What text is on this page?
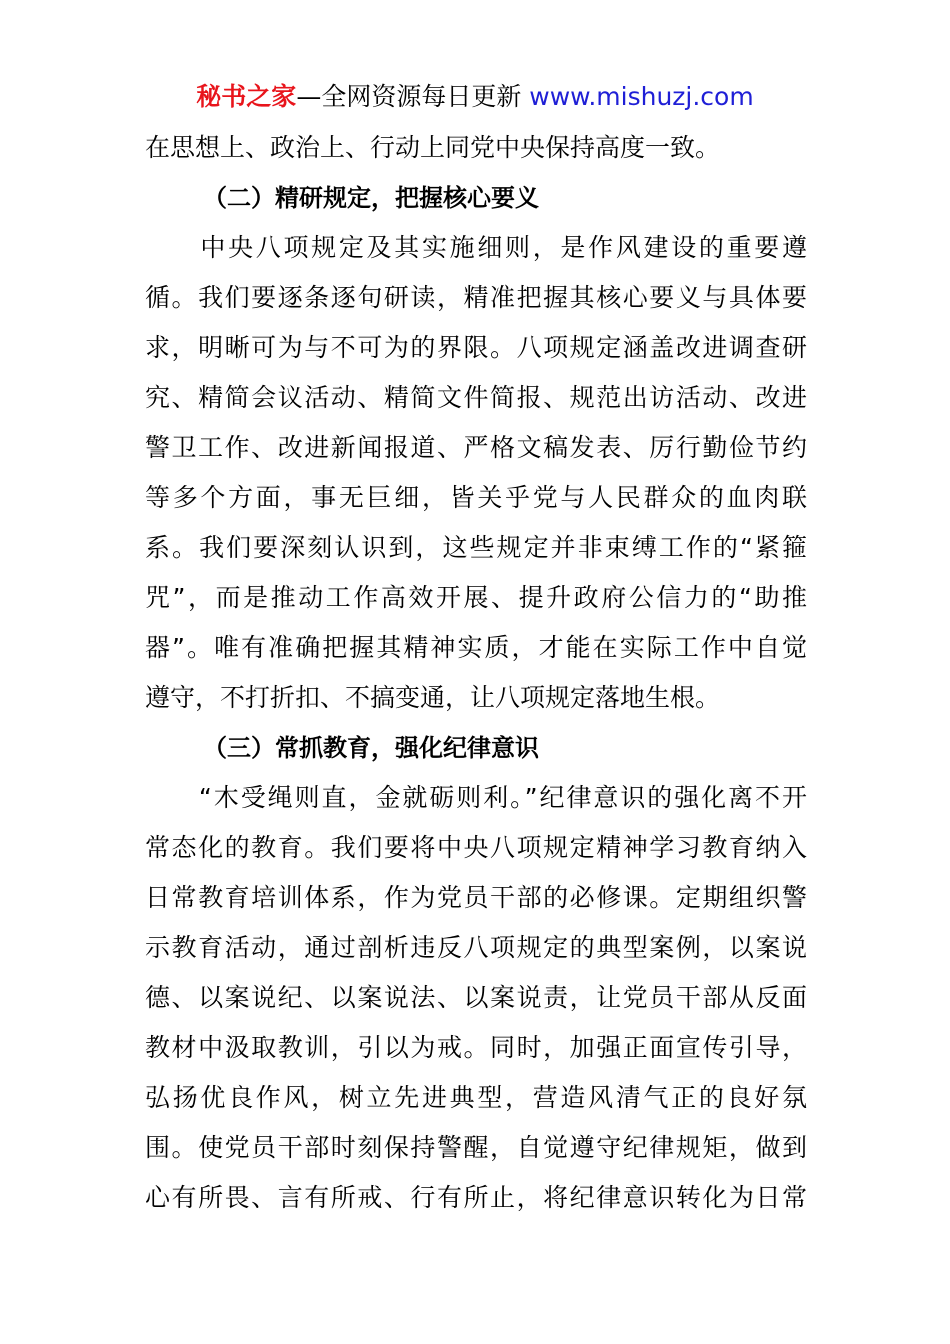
秘书之家—全网资源每日更新 www.mishuzj.com
在思想上、政治上、行动上同党中央保持高度一致。
（二）精研规定，把握核心要义
　　中央八项规定及其实施细则，是作风建设的重要遵
循。我们要逐条逐句研读，精准把握其核心要义与具体要
求，明晰可为与不可为的界限。八项规定涵盖改进调查研
究、精简会议活动、精简文件简报、规范出访活动、改进
警卫工作、改进新闻报道、严格文稿发表、厉行勤俭节约
等多个方面，事无巨细，皆关乎党与人民群众的血肉联
系。我们要深刻认识到，这些规定并非束缚工作的“紧箍
咒”，而是推动工作高效开展、提升政府公信力的“助推
器”。唯有准确把握其精神实质，才能在实际工作中自觉
遵守，不打折扣、不搞变通，让八项规定落地生根。
（三）常抓教育，强化纪律意识
　　“木受绳则直，金就砺则利。”纪律意识的强化离不开
常态化的教育。我们要将中央八项规定精神学习教育纳入
日常教育培训体系，作为党员干部的必修课。定期组织警
示教育活动，通过剖析违反八项规定的典型案例，以案说
德、以案说纪、以案说法、以案说责，让党员干部从反面
教材中汲取教训，引以为戒。同时，加强正面宣传引导，
弘扬优良作风，树立先进典型，营造风清气正的良好氛
围。使党员干部时刻保持警醒，自觉遵守纪律规矩，做到
心有所畏、言有所戒、行有所止，将纪律意识转化为日常
